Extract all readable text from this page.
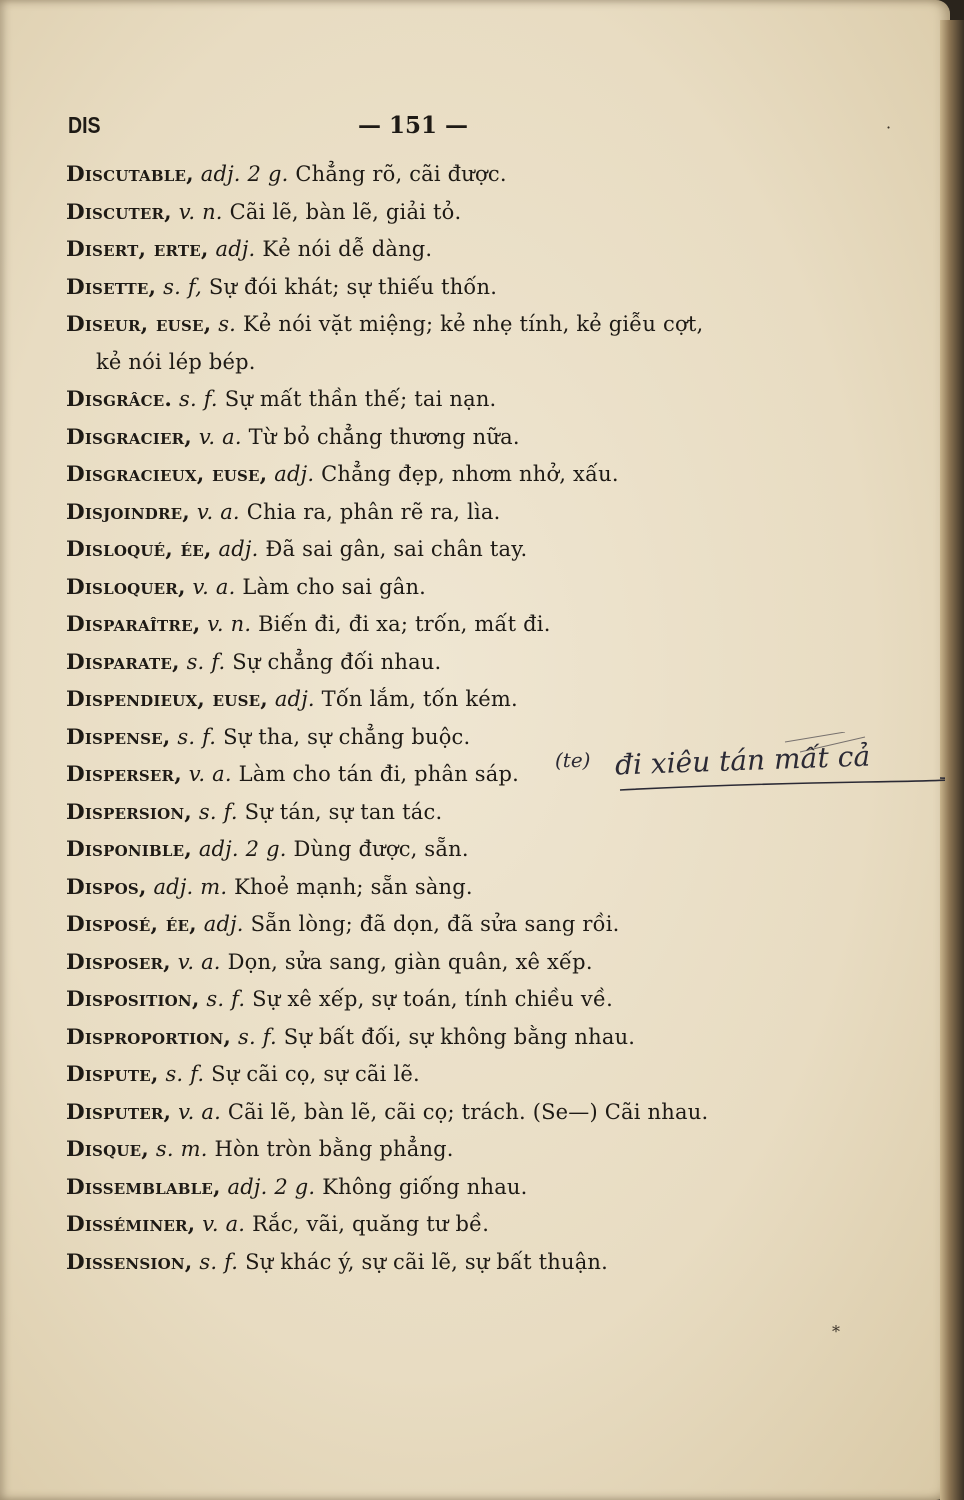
DIS	— 151 —
Discutable, adj. 2 g. Chẳng rõ, cãi được.
Discuter, v. n. Cãi lẽ, bàn lẽ, giải tỏ.
Disert, erte, adj. Kẻ nói dễ dàng.
Disette, s. f, Sự đói khát; sự thiếu thốn.
Diseur, euse, s. Kẻ nói vặt miệng; kẻ nhẹ tính, kẻ giễu cợt,
kẻ nói lép bép.
Disgrâce. s. f. Sự mất thần thế; tai nạn.
Disgracier, v. a. Từ bỏ chẳng thương nữa.
Disgracieux, euse, adj. Chẳng đẹp, nhơm nhở, xấu.
Disjoindre, v. a. Chia ra, phân rẽ ra, lìa.
Disloqué, ée, adj. Đã sai gân, sai chân tay.
Disloquer, v. a. Làm cho sai gân.
Disparaître, v. n. Biến đi, đi xa; trốn, mất đi.
Disparate, s. f. Sự chẳng đối nhau.
Dispendieux, euse, adj. Tốn lắm, tốn kém.
Dispense, s. f. Sự tha, sự chẳng buộc.
Disperser, v. a. Làm cho tán đi, phân sáp.
Dispersion, s. f. Sự tán, sự tan tác.
Disponible, adj. 2 g. Dùng được, sẵn.
Dispos, adj. m. Khoẻ mạnh; sẵn sàng.
Disposé, ée, adj. Sẵn lòng; đã dọn, đã sửa sang rồi.
Disposer, v. a. Dọn, sửa sang, giàn quân, xê xếp.
Disposition, s. f. Sự xê xếp, sự toán, tính chiều về.
Disproportion, s. f. Sự bất đối, sự không bằng nhau.
Dispute, s. f. Sự cãi cọ, sự cãi lẽ.
Disputer, v. a. Cãi lẽ, bàn lẽ, cãi cọ; trách. (Se—) Cãi nhau.
Disque, s. m. Hòn tròn bằng phẳng.
Dissemblable, adj. 2 g. Không giống nhau.
Disséminer, v. a. Rắc, vãi, quăng tư bề.
Dissension, s. f. Sự khác ý, sự cãi lẽ, sự bất thuận.
(te) đi xiêu tán mất cả
·
*
